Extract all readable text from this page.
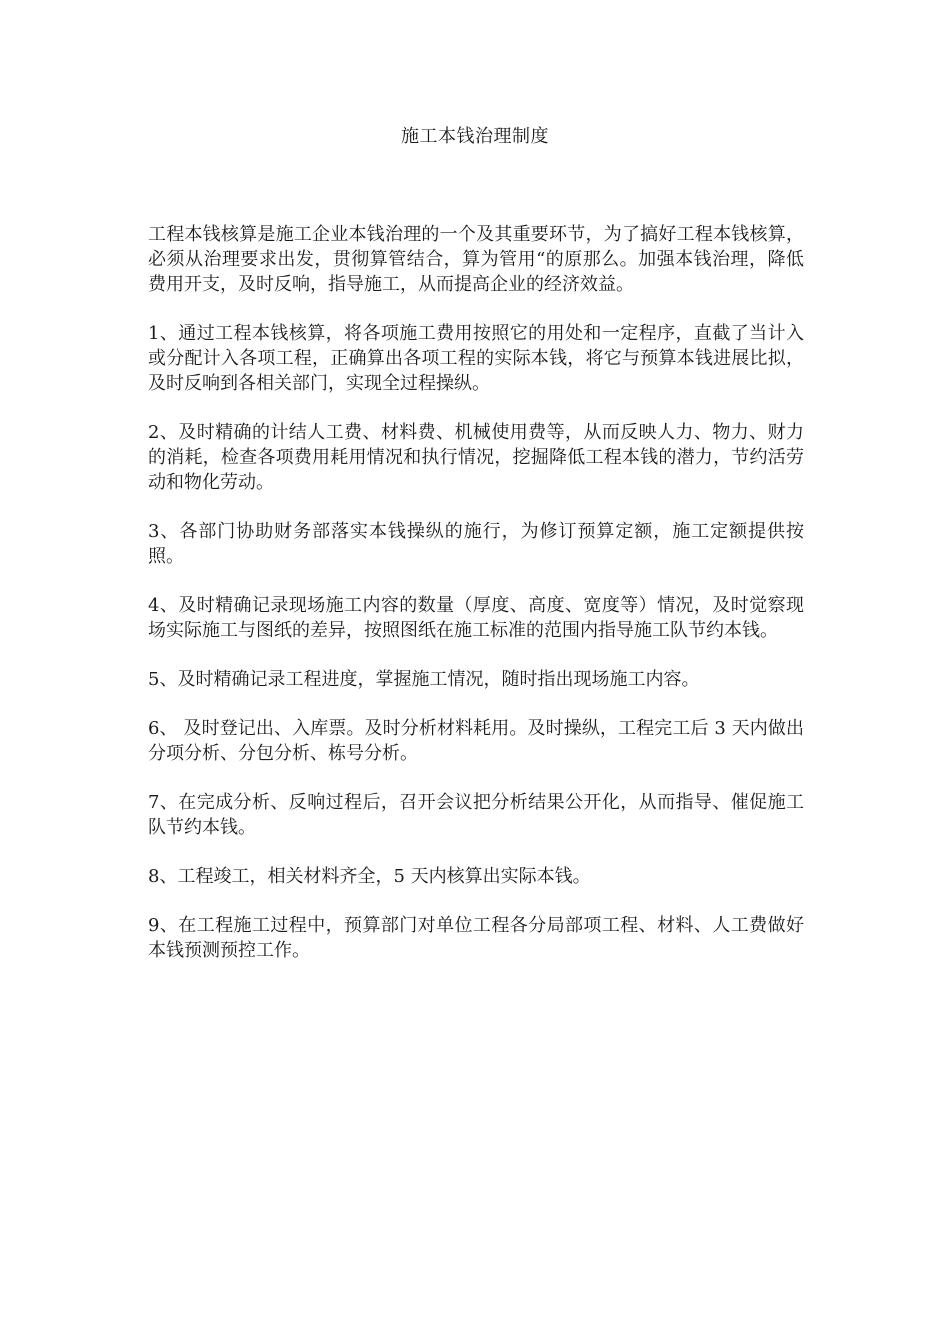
施工本钱治理制度

工程本钱核算是施工企业本钱治理的一个及其重要环节，为了搞好工程本钱核算，必须从治理要求出发，贯彻算管结合，算为管用“的原那么。加强本钱治理，降低费用开支，及时反响，指导施工，从而提高企业的经济效益。

1、通过工程本钱核算，将各项施工费用按照它的用处和一定程序，直截了当计入或分配计入各项工程，正确算出各项工程的实际本钱，将它与预算本钱进展比拟，及时反响到各相关部门，实现全过程操纵。

2、及时精确的计结人工费、材料费、机械使用费等，从而反映人力、物力、财力的消耗，检查各项费用耗用情况和执行情况，挖掘降低工程本钱的潜力，节约活劳动和物化劳动。

3、各部门协助财务部落实本钱操纵的施行，为修订预算定额，施工定额提供按照。

4、及时精确记录现场施工内容的数量（厚度、高度、宽度等）情况，及时觉察现场实际施工与图纸的差异，按照图纸在施工标准的范围内指导施工队节约本钱。

5、及时精确记录工程进度，掌握施工情况，随时指出现场施工内容。

6、 及时登记出、入库票。及时分析材料耗用。及时操纵，工程完工后 3 天内做出分项分析、分包分析、栋号分析。

7、在完成分析、反响过程后，召开会议把分析结果公开化，从而指导、催促施工队节约本钱。

8、工程竣工，相关材料齐全，5 天内核算出实际本钱。

9、在工程施工过程中，预算部门对单位工程各分局部项工程、材料、人工费做好本钱预测预控工作。
